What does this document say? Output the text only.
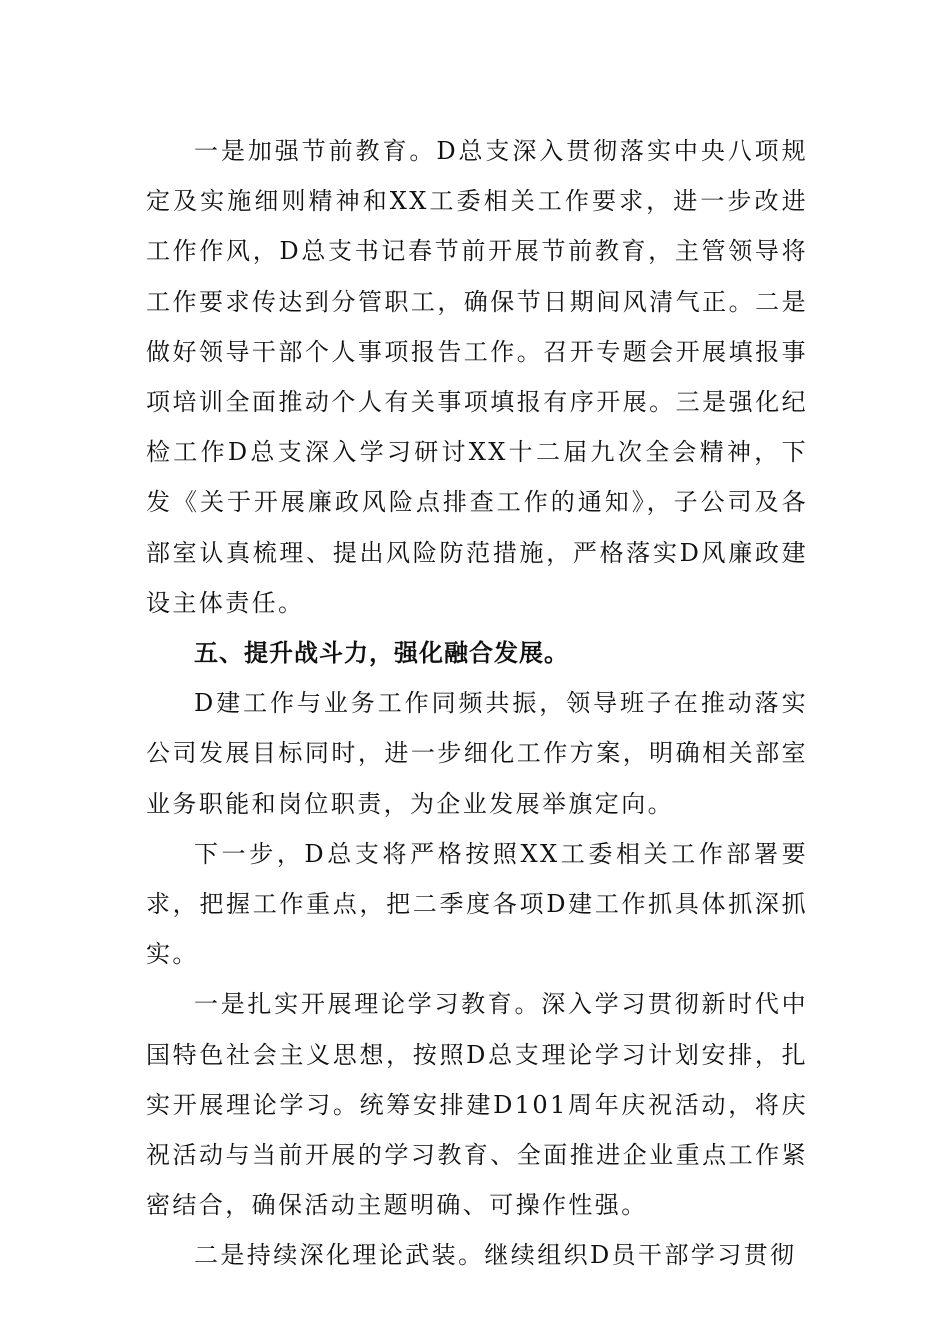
一是加强节前教育。D总支深入贯彻落实中央八项规定及实施细则精神和XX工委相关工作要求，进一步改进工作作风，D总支书记春节前开展节前教育，主管领导将工作要求传达到分管职工，确保节日期间风清气正。二是做好领导干部个人事项报告工作。召开专题会开展填报事项培训全面推动个人有关事项填报有序开展。三是强化纪检工作D总支深入学习研讨XX十二届九次全会精神，下发《关于开展廉政风险点排查工作的通知》，子公司及各部室认真梳理、提出风险防范措施，严格落实D风廉政建设主体责任。

五、提升战斗力，强化融合发展。

D建工作与业务工作同频共振，领导班子在推动落实公司发展目标同时，进一步细化工作方案，明确相关部室业务职能和岗位职责，为企业发展举旗定向。

下一步，D总支将严格按照XX工委相关工作部署要求，把握工作重点，把二季度各项D建工作抓具体抓深抓实。

一是扎实开展理论学习教育。深入学习贯彻新时代中国特色社会主义思想，按照D总支理论学习计划安排，扎实开展理论学习。统筹安排建D101周年庆祝活动，将庆祝活动与当前开展的学习教育、全面推进企业重点工作紧密结合，确保活动主题明确、可操作性强。

二是持续深化理论武装。继续组织D员干部学习贯彻
